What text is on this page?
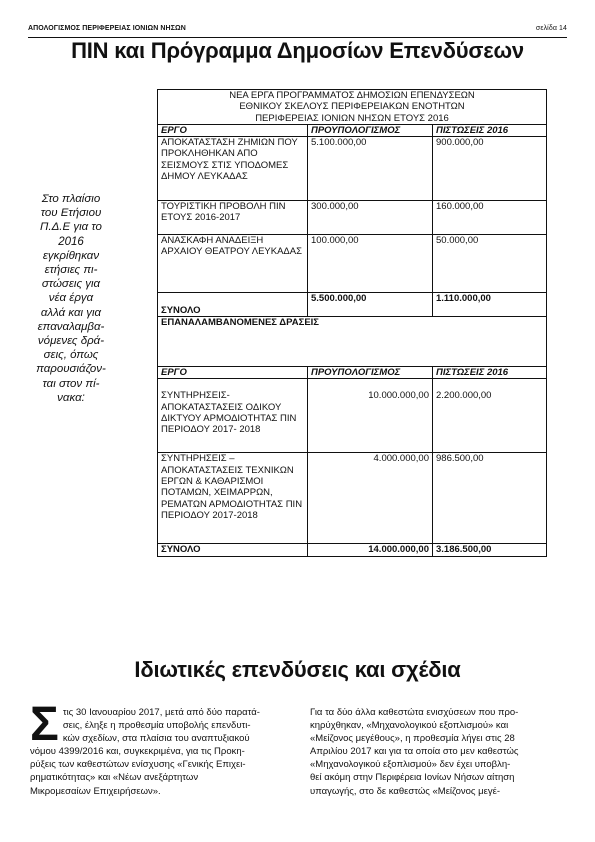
ΑΠΟΛΟΓΙΣΜΟΣ ΠΕΡΙΦΕΡΕΙΑΣ ΙΟΝΙΩΝ ΝΗΣΩΝ	σελίδα 14
ΠΙΝ και Πρόγραμμα Δημοσίων Επενδύσεων
Στο πλαίσιο
του Ετήσιου
Π.Δ.Ε για το
2016
εγκρίθηκαν
ετήσιες πι-
στώσεις για
νέα έργα
αλλά και για
επαναλαμβα-
νόμενες δρά-
σεις, όπως
παρουσιάζον-
ται στον πί-
νακα:
ΝΕΑ ΕΡΓΑ ΠΡΟΓΡΑΜΜΑΤΟΣ ΔΗΜΟΣΙΩΝ ΕΠΕΝΔΥΣΕΩΝ
ΕΘΝΙΚΟΥ ΣΚΕΛΟΥΣ ΠΕΡΙΦΕΡΕΙΑΚΩΝ ΕΝΟΤΗΤΩΝ
ΠΕΡΙΦΕΡΕΙΑΣ ΙΟΝΙΩΝ ΝΗΣΩΝ ΕΤΟΥΣ 2016		

ΕΡΓΟ	ΠΡΟΥΠΟΛΟΓΙΣΜΟΣ	ΠΙΣΤΩΣΕΙΣ 2016
ΑΠΟΚΑΤΑΣΤΑΣΗ ΖΗΜΙΩΝ ΠΟΥ ΠΡΟΚΛΗΘΗΚΑΝ ΑΠΟ ΣΕΙΣΜΟΥΣ ΣΤΙΣ ΥΠΟΔΟΜΕΣ ΔΗΜΟΥ ΛΕΥΚΑΔΑΣ	5.100.000,00	900.000,00
ΤΟΥΡΙΣΤΙΚΗ ΠΡΟΒΟΛΗ ΠΙΝ ΕΤΟΥΣ 2016-2017	300.000,00	160.000,00
ΑΝΑΣΚΑΦΗ ΑΝΑΔΕΙΞΗ ΑΡΧΑΙΟΥ ΘΕΑΤΡΟΥ ΛΕΥΚΑΔΑΣ	100.000,00	50.000,00
ΣΥΝΟΛΟ	5.500.000,00	1.110.000,00
ΕΠΑΝΑΛΑΜΒΑΝΟΜΕΝΕΣ ΔΡΑΣΕΙΣ		
ΕΡΓΟ	ΠΡΟΥΠΟΛΟΓΙΣΜΟΣ	ΠΙΣΤΩΣΕΙΣ 2016
ΣΥΝΤΗΡΗΣΕΙΣ-ΑΠΟΚΑΤΑΣΤΑΣΕΙΣ ΟΔΙΚΟΥ ΔΙΚΤΥΟΥ ΑΡΜΟΔΙΟΤΗΤΑΣ ΠΙΝ ΠΕΡΙΟΔΟΥ 2017- 2018	10.000.000,00	2.200.000,00
ΣΥΝΤΗΡΗΣΕΙΣ – ΑΠΟΚΑΤΑΣΤΑΣΕΙΣ ΤΕΧΝΙΚΩΝ ΕΡΓΩΝ & ΚΑΘΑΡΙΣΜΟΙ ΠΟΤΑΜΩΝ, ΧΕΙΜΑΡΡΩΝ, ΡΕΜΑΤΩΝ ΑΡΜΟΔΙΟΤΗΤΑΣ ΠΙΝ ΠΕΡΙΟΔΟΥ 2017-2018	4.000.000,00	986.500,00
ΣΥΝΟΛΟ	14.000.000,00	3.186.500,00
Ιδιωτικές επενδύσεις και σχέδια
Σ τις 30 Ιανουαρίου 2017, μετά από δύο παρατά-
σεις, έληξε η προθεσμία υποβολής επενδυτι-
κών σχεδίων, στα πλαίσια του αναπτυξιακού
νόμου 4399/2016 και, συγκεκριμένα, για τις Προκη-
ρύξεις των καθεστώτων ενίσχυσης «Γενικής Επιχει-
ρηματικότητας» και «Νέων ανεξάρτητων
Μικρομεσαίων Επιχειρήσεων».
Για τα δύο άλλα καθεστώτα ενισχύσεων που προ-
κηρύχθηκαν, «Μηχανολογικού εξοπλισμού» και
«Μείζονος μεγέθους», η προθεσμία λήγει στις 28
Απριλίου 2017 και για τα οποία στο μεν καθεστώς
«Μηχανολογικού εξοπλισμού» δεν έχει υποβλη-
θεί ακόμη στην Περιφέρεια Ιονίων Νήσων αίτηση
υπαγωγής, στο δε καθεστώς «Μείζονος μεγέ-
